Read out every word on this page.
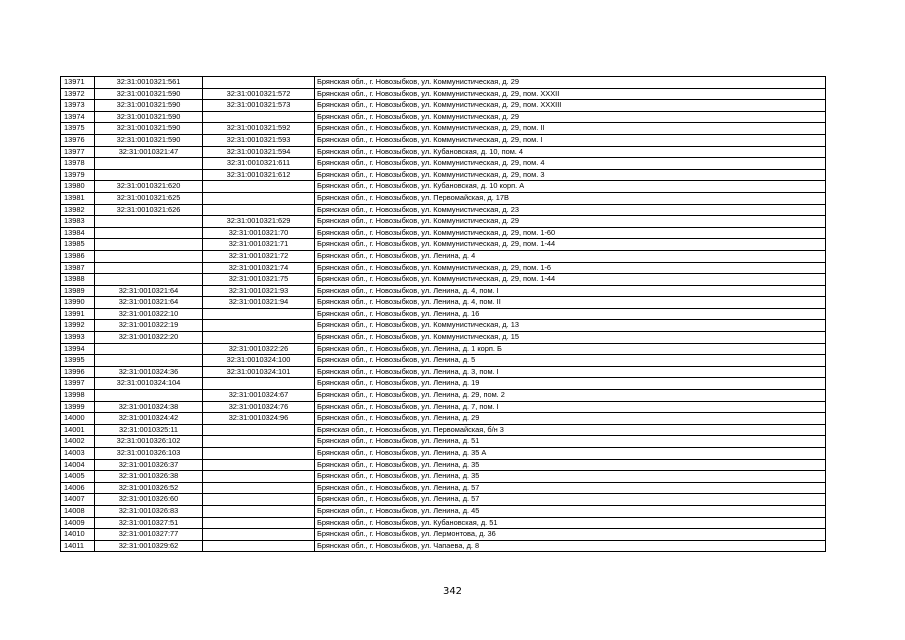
13971	32:31:0010321:561		Брянская обл., г. Новозыбков, ул. Коммунистическая, д. 29
13972	32:31:0010321:590	32:31:0010321:572	Брянская обл., г. Новозыбков, ул. Коммунистическая, д. 29, пом. XXXII
13973	32:31:0010321:590	32:31:0010321:573	Брянская обл., г. Новозыбков, ул. Коммунистическая, д. 29, пом. XXXIII
13974	32:31:0010321:590		Брянская обл., г. Новозыбков, ул. Коммунистическая, д. 29
13975	32:31:0010321:590	32:31:0010321:592	Брянская обл., г. Новозыбков, ул. Коммунистическая, д. 29, пом. II
13976	32:31:0010321:590	32:31:0010321:593	Брянская обл., г. Новозыбков, ул. Коммунистическая, д. 29, пом. I
13977	32:31:0010321:47	32:31:0010321:594	Брянская обл., г. Новозыбков, ул. Кубановская, д. 10, пом. 4
13978		32:31:0010321:611	Брянская обл., г. Новозыбков, ул. Коммунистическая, д. 29, пом. 4
13979		32:31:0010321:612	Брянская обл., г. Новозыбков, ул. Коммунистическая, д. 29, пом. 3
13980	32:31:0010321:620		Брянская обл., г. Новозыбков, ул. Кубановская, д. 10 корп. А
13981	32:31:0010321:625		Брянская обл., г. Новозыбков, ул. Первомайская, д. 17В
13982	32:31:0010321:626		Брянская обл., г. Новозыбков, ул. Коммунистическая, д. 23
13983		32:31:0010321:629	Брянская обл., г. Новозыбков, ул. Коммунистическая, д. 29
13984		32:31:0010321:70	Брянская обл., г. Новозыбков, ул. Коммунистическая, д. 29, пом. 1-60
13985		32:31:0010321:71	Брянская обл., г. Новозыбков, ул. Коммунистическая, д. 29, пом. 1-44
13986		32:31:0010321:72	Брянская обл., г. Новозыбков, ул. Ленина, д. 4
13987		32:31:0010321:74	Брянская обл., г. Новозыбков, ул. Коммунистическая, д. 29, пом. 1-6
13988		32:31:0010321:75	Брянская обл., г. Новозыбков, ул. Коммунистическая, д. 29, пом. 1-44
13989	32:31:0010321:64	32:31:0010321:93	Брянская обл., г. Новозыбков, ул. Ленина, д. 4, пом. I
13990	32:31:0010321:64	32:31:0010321:94	Брянская обл., г. Новозыбков, ул. Ленина, д. 4, пом. II
13991	32:31:0010322:10		Брянская обл., г. Новозыбков, ул. Ленина, д. 16
13992	32:31:0010322:19		Брянская обл., г. Новозыбков, ул. Коммунистическая, д. 13
13993	32:31:0010322:20		Брянская обл., г. Новозыбков, ул. Коммунистическая, д. 15
13994		32:31:0010322:26	Брянская обл., г. Новозыбков, ул. Ленина, д. 1 корп. Б
13995		32:31:0010324:100	Брянская обл., г. Новозыбков, ул. Ленина, д. 5
13996	32:31:0010324:36	32:31:0010324:101	Брянская обл., г. Новозыбков, ул. Ленина, д. 3, пом. I
13997	32:31:0010324:104		Брянская обл., г. Новозыбков, ул. Ленина, д. 19
13998		32:31:0010324:67	Брянская обл., г. Новозыбков, ул. Ленина, д. 29, пом. 2
13999	32:31:0010324:38	32:31:0010324:76	Брянская обл., г. Новозыбков, ул. Ленина, д. 7, пом. I
14000	32:31:0010324:42	32:31:0010324:96	Брянская обл., г. Новозыбков, ул. Ленина, д. 29
14001	32:31:0010325:11		Брянская обл., г. Новозыбков, ул. Первомайская, б/н 3
14002	32:31:0010326:102		Брянская обл., г. Новозыбков, ул. Ленина, д. 51
14003	32:31:0010326:103		Брянская обл., г. Новозыбков, ул. Ленина, д. 35 А
14004	32:31:0010326:37		Брянская обл., г. Новозыбков, ул. Ленина, д. 35
14005	32:31:0010326:38		Брянская обл., г. Новозыбков, ул. Ленина, д. 35
14006	32:31:0010326:52		Брянская обл., г. Новозыбков, ул. Ленина, д. 57
14007	32:31:0010326:60		Брянская обл., г. Новозыбков, ул. Ленина, д. 57
14008	32:31:0010326:83		Брянская обл., г. Новозыбков, ул. Ленина, д. 45
14009	32:31:0010327:51		Брянская обл., г. Новозыбков, ул. Кубановская, д. 51
14010	32:31:0010327:77		Брянская обл., г. Новозыбков, ул. Лермонтова, д. 36
14011	32:31:0010329:62		Брянская обл., г. Новозыбков, ул. Чапаева, д. 8
342
